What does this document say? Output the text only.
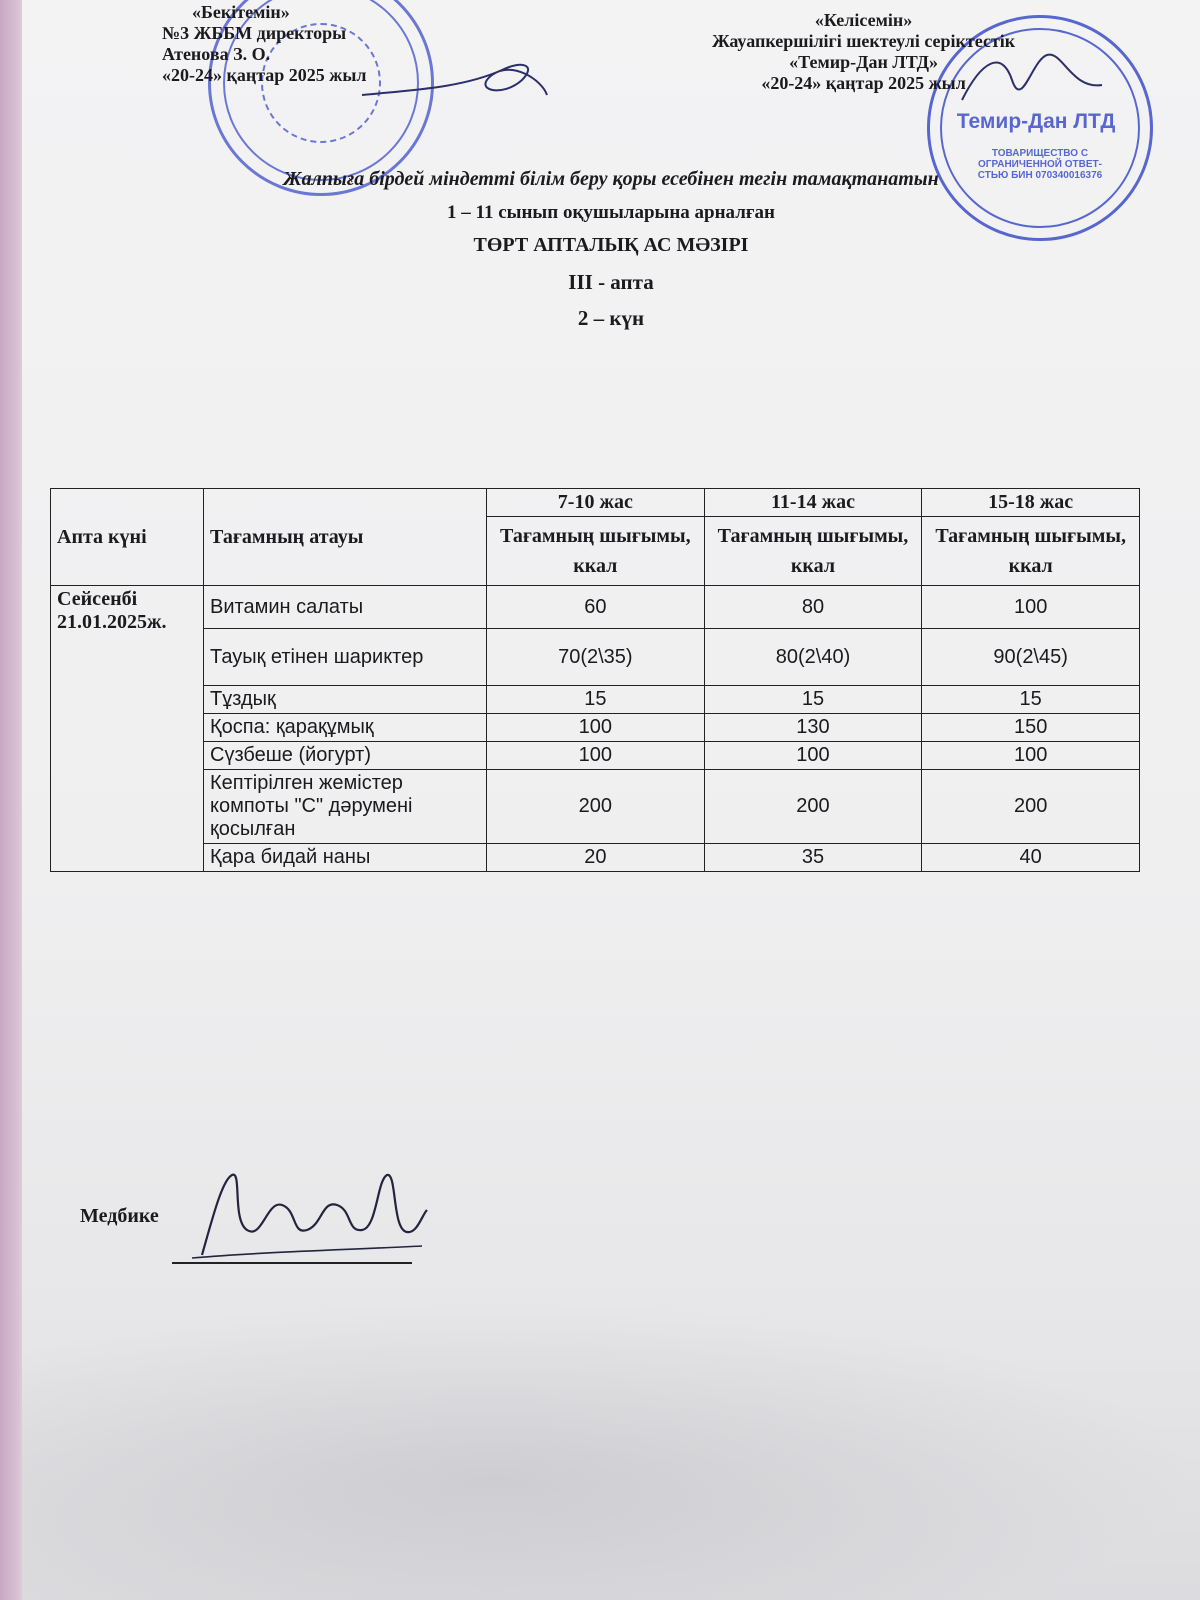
Темир-Дан ЛТД
ТОВАРИЩЕСТВО С ОГРАНИЧЕННОЙ ОТВЕТ-СТЬЮ БИН 070340016376
«Бекітемін»
№3 ЖББМ директоры
Атенова З. О.
«20-24» қаңтар 2025 жыл
«Келісемін»
Жауапкершілігі шектеулі серіктестік
«Темир-Дан ЛТД»
«20-24» қаңтар 2025 жыл
Жалпыға бірдей міндетті білім беру қоры есебінен тегін тамақтанатын
1 – 11 сынып оқушыларына арналған
ТӨРТ АПТАЛЫҚ АС МӘЗІРІ
ІІІ - апта
2 – күн
Апта күні	Тағамның атауы	7-10 жас	11-14 жас	15-18 жас
		Тағамның шығымы, ккал	Тағамның шығымы, ккал	Тағамның шығымы, ккал
Сейсенбі 21.01.2025ж.	Витамин салаты	60	80	100
	Тауық етінен шариктер	70(2\35)	80(2\40)	90(2\45)
	Тұздық	15	15	15
	Қоспа: қарақұмық	100	130	150
	Сүзбеше (йогурт)	100	100	100
	Кептірілген жемістер компоты "С" дәрумені қосылған	200	200	200
	Қара бидай наны	20	35	40
Медбике
